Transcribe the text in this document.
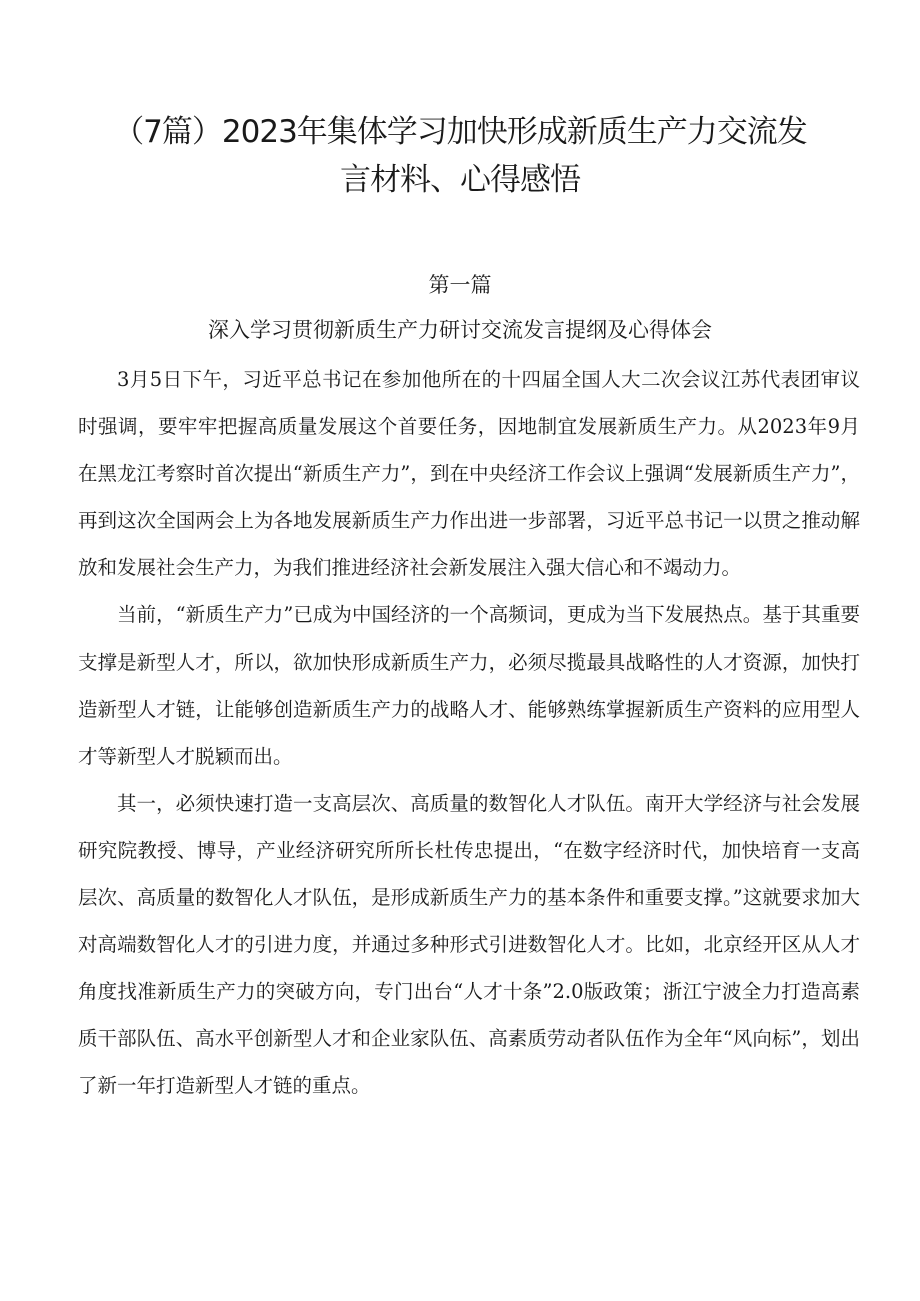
（7篇）2023年集体学习加快形成新质生产力交流发
言材料、心得感悟
第一篇
深入学习贯彻新质生产力研讨交流发言提纲及心得体会

3月5日下午，习近平总书记在参加他所在的十四届全国人大二次会议江苏代表团审议时强调，要牢牢把握高质量发展这个首要任务，因地制宜发展新质生产力。从2023年9月在黑龙江考察时首次提出“新质生产力”，到在中央经济工作会议上强调“发展新质生产力”，再到这次全国两会上为各地发展新质生产力作出进一步部署，习近平总书记一以贯之推动解放和发展社会生产力，为我们推进经济社会新发展注入强大信心和不竭动力。

当前，“新质生产力”已成为中国经济的一个高频词，更成为当下发展热点。基于其重要支撑是新型人才，所以，欲加快形成新质生产力，必须尽揽最具战略性的人才资源，加快打造新型人才链，让能够创造新质生产力的战略人才、能够熟练掌握新质生产资料的应用型人才等新型人才脱颖而出。

其一，必须快速打造一支高层次、高质量的数智化人才队伍。南开大学经济与社会发展研究院教授、博导，产业经济研究所所长杜传忠提出，“在数字经济时代，加快培育一支高层次、高质量的数智化人才队伍，是形成新质生产力的基本条件和重要支撑。”这就要求加大对高端数智化人才的引进力度，并通过多种形式引进数智化人才。比如，北京经开区从人才角度找准新质生产力的突破方向，专门出台“人才十条”2.0版政策；浙江宁波全力打造高素质干部队伍、高水平创新型人才和企业家队伍、高素质劳动者队伍作为全年“风向标”，划出了新一年打造新型人才链的重点。
